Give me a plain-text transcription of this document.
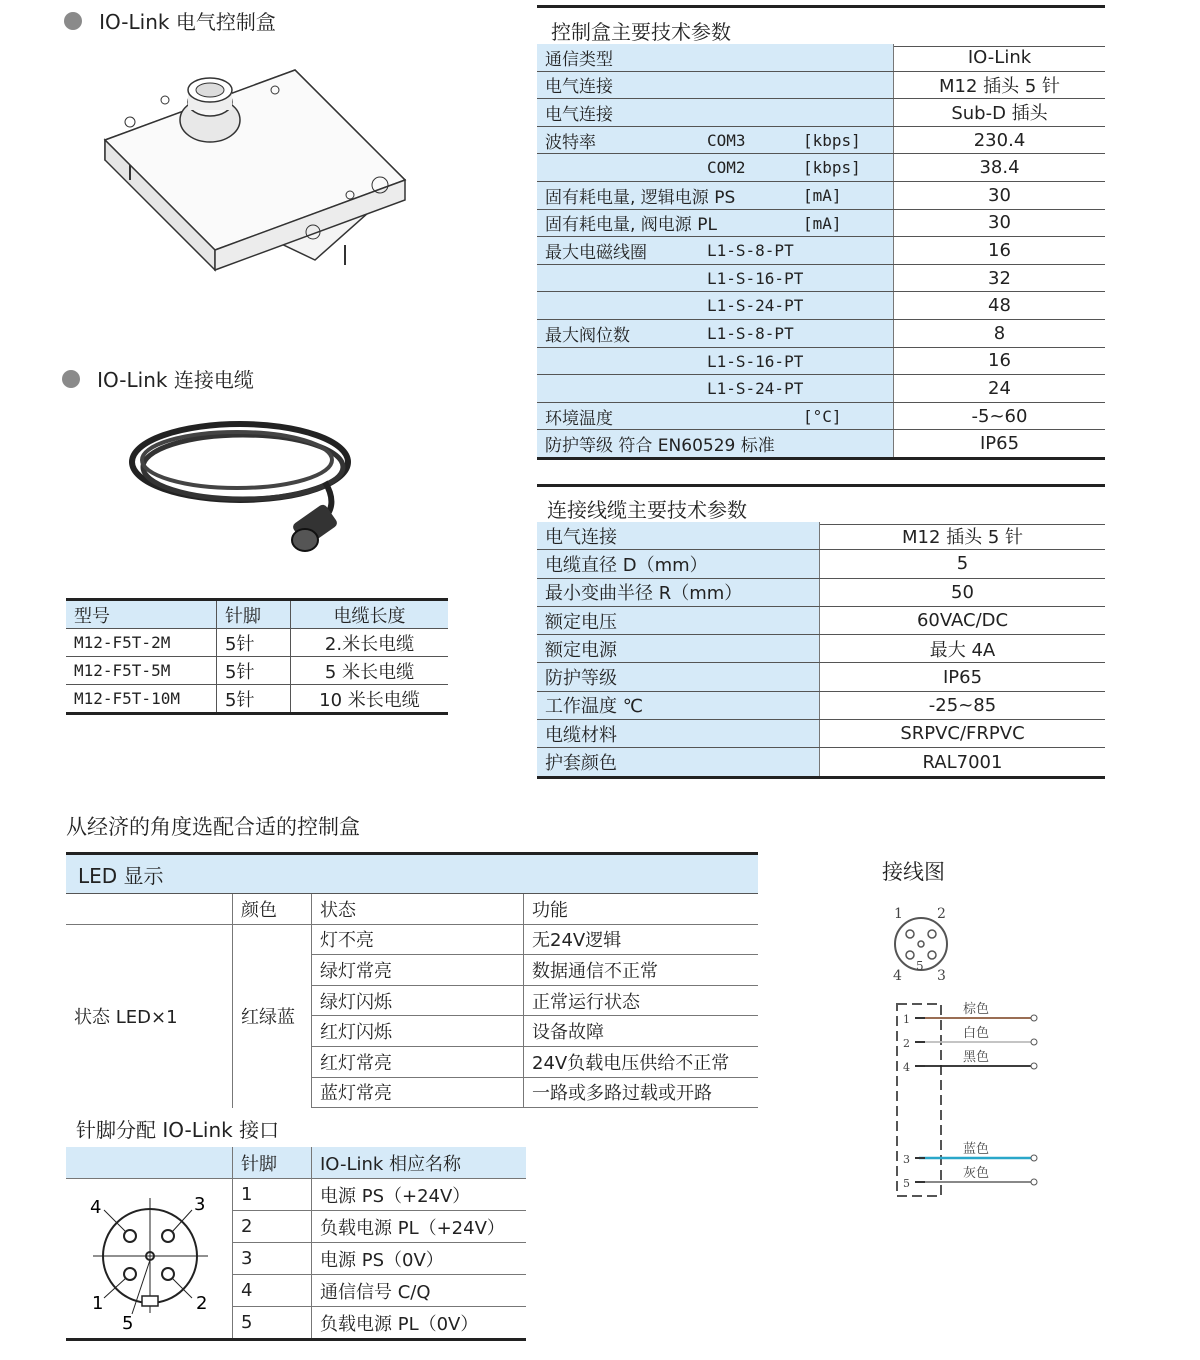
IO-Link 电气控制盒
IO-Link 连接电缆
型号	针脚	电缆长度
M12-F5T-2M	5针	2.米长电缆
M12-F5T-5M	5针	5 米长电缆
M12-F5T-10M	5针	10 米长电缆
控制盒主要技术参数
通信类型	IO-Link
电气连接	M12 插头 5 针
电气连接	Sub-D 插头
波特率 COM3 [kbps]	230.4

COM2 [kbps]	38.4
固有耗电量, 逻辑电源 PS [mA]	30
固有耗电量, 阀电源 PL [mA]	30
最大电磁线圈 L1-S-8-PT	16

L1-S-16-PT	32

L1-S-24-PT	48
最大阀位数 L1-S-8-PT	8

L1-S-16-PT	16

L1-S-24-PT	24
环境温度 [°C]	-5~60
防护等级 符合 EN60529 标准	IP65
连接线缆主要技术参数
电气连接	M12 插头 5 针
电缆直径 D（mm）	5
最小变曲半径 R（mm）	50
额定电压	60VAC/DC
额定电源	最大 4A
防护等级	IP65
工作温度 ℃	-25~85
电缆材料	SRPVC/FRPVC
护套颜色	RAL7001
从经济的角度选配合适的控制盒
LED 显示			
	颜色	状态	功能
状态 LED×1	红绿蓝	灯不亮	无24V逻辑
		绿灯常亮	数据通信不正常
		绿灯闪烁	正常运行状态
		红灯闪烁	设备故障
		红灯常亮	24V负载电压供给不正常
		蓝灯常亮	一路或多路过载或开路
针脚分配 IO-Link 接口
	针脚	IO-Link 相应名称
	1	电源 PS（+24V）
	2	负载电源 PL（+24V）
	3	电源 PS（0V）
	4	通信信号 C/Q
	5	负载电源 PL（0V）
4	3
1	2
5
接线图
1 2
4
5
3
1
棕色
2
白色
4
黑色
3
蓝色
5
灰色
